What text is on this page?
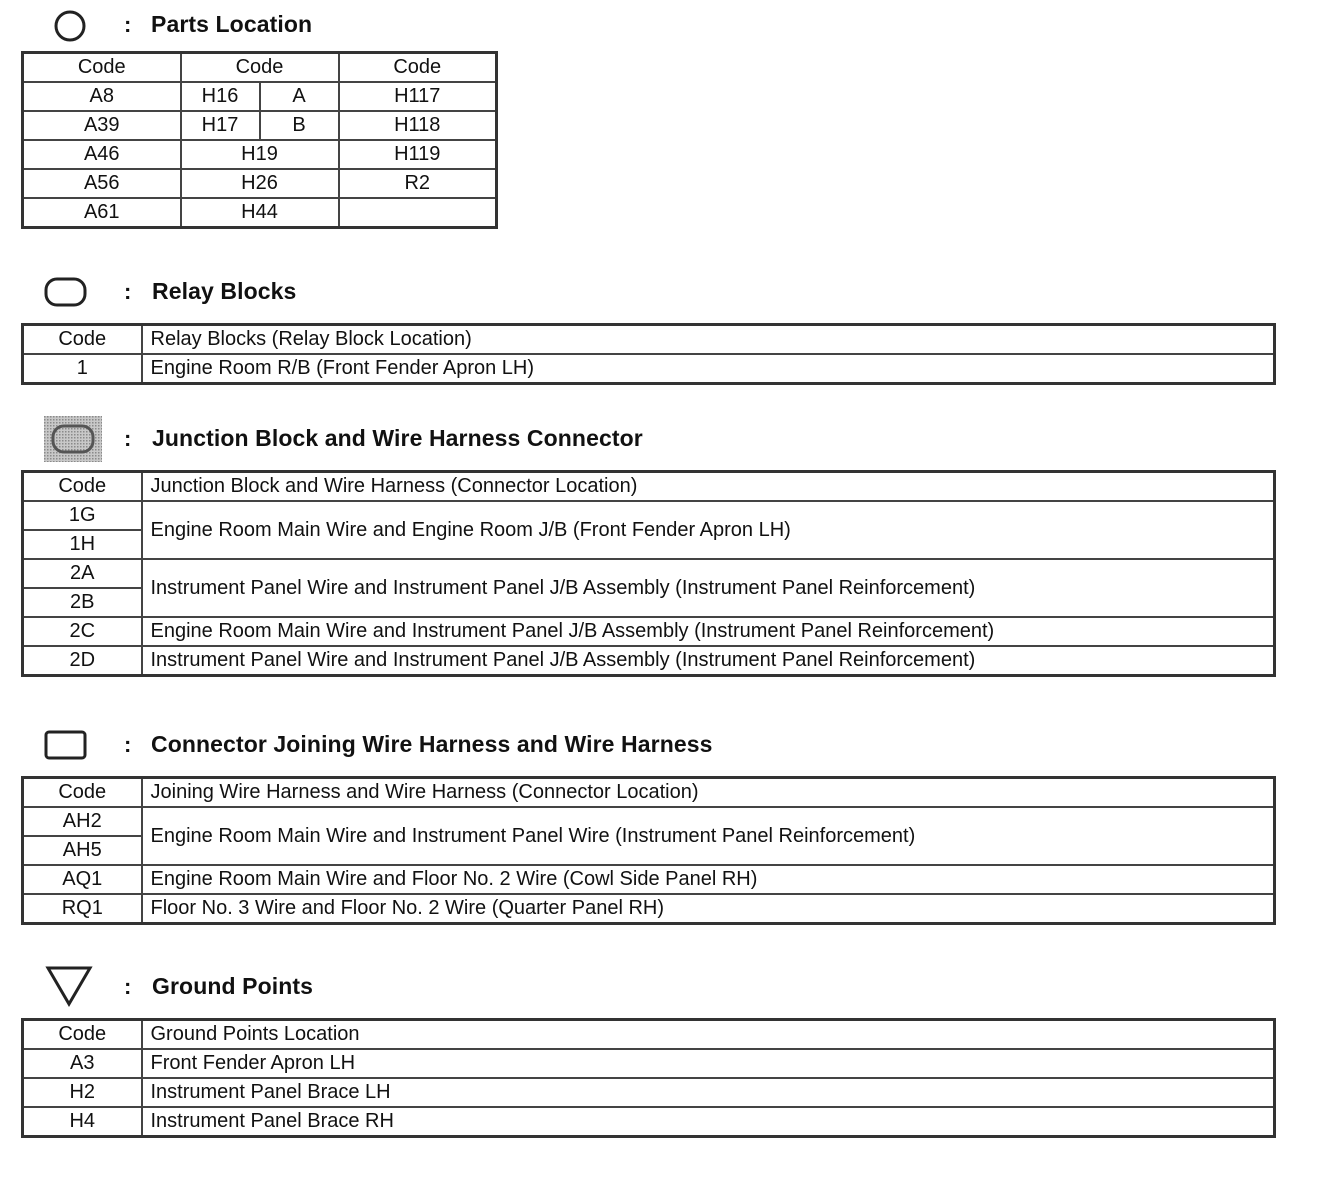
: Parts Location
Code	Code		Code
A8	H16	A	H117
A39	H17	B	H118
A46	H19		H119
A56	H26		R2
A61	H44		
: Relay Blocks
Code	Relay Blocks (Relay Block Location)
1	Engine Room R/B (Front Fender Apron LH)
: Junction Block and Wire Harness Connector
Code	Junction Block and Wire Harness (Connector Location)
1G	Engine Room Main Wire and Engine Room J/B (Front Fender Apron LH)
1H	
2A	Instrument Panel Wire and Instrument Panel J/B Assembly (Instrument Panel Reinforcement)
2B	
2C	Engine Room Main Wire and Instrument Panel J/B Assembly (Instrument Panel Reinforcement)
2D	Instrument Panel Wire and Instrument Panel J/B Assembly (Instrument Panel Reinforcement)
: Connector Joining Wire Harness and Wire Harness
Code	Joining Wire Harness and Wire Harness (Connector Location)
AH2	Engine Room Main Wire and Instrument Panel Wire (Instrument Panel Reinforcement)
AH5	
AQ1	Engine Room Main Wire and Floor No. 2 Wire (Cowl Side Panel RH)
RQ1	Floor No. 3 Wire and Floor No. 2 Wire (Quarter Panel RH)
: Ground Points
Code	Ground Points Location
A3	Front Fender Apron LH
H2	Instrument Panel Brace LH
H4	Instrument Panel Brace RH
